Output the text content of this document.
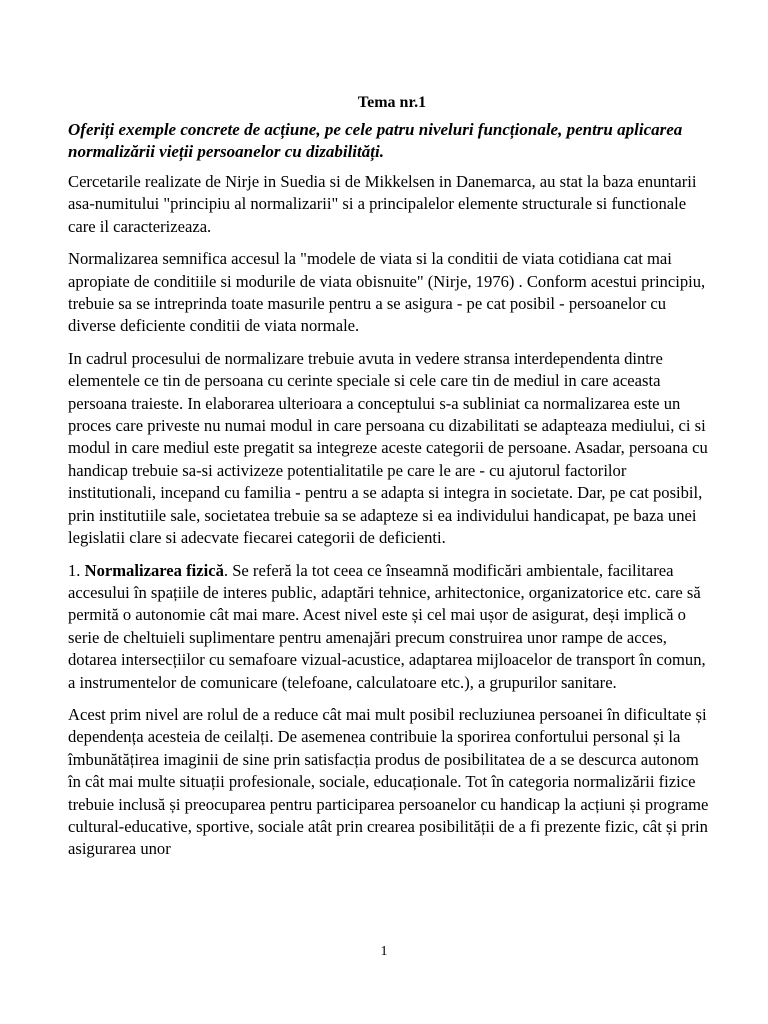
Tema nr.1
Oferiți exemple concrete de acțiune, pe cele patru niveluri funcționale, pentru aplicarea normalizării vieții persoanelor cu dizabilități.

Cercetarile realizate de Nirje in Suedia si de Mikkelsen in Danemarca, au stat la baza enuntarii asa-numitului "principiu al normalizarii" si a principalelor elemente structurale si functionale care il caracterizeaza.

Normalizarea semnifica accesul la "modele de viata si la conditii de viata cotidiana cat mai apropiate de conditiile si modurile de viata obisnuite" (Nirje, 1976) . Conform acestui principiu, trebuie sa se intreprinda toate masurile pentru a se asigura - pe cat posibil - persoanelor cu diverse deficiente conditii de viata normale.

In cadrul procesului de normalizare trebuie avuta in vedere stransa interdependenta dintre elementele ce tin de persoana cu cerinte speciale si cele care tin de mediul in care aceasta persoana traieste. In elaborarea ulterioara a conceptului s-a subliniat ca normalizarea este un proces care priveste nu numai modul in care persoana cu dizabilitati se adapteaza mediului, ci si modul in care mediul este pregatit sa integreze aceste categorii de persoane. Asadar, persoana cu handicap trebuie sa-si activizeze potentialitatile pe care le are - cu ajutorul factorilor institutionali, incepand cu familia - pentru a se adapta si integra in societate. Dar, pe cat posibil, prin institutiile sale, societatea trebuie sa se adapteze si ea individului handicapat, pe baza unei legislatii clare si adecvate fiecarei categorii de deficienti.

1. Normalizarea fizică. Se referă la tot ceea ce înseamnă modificări ambientale, facilitarea accesului în spațiile de interes public, adaptări tehnice, arhitectonice, organizatorice etc. care să permită o autonomie cât mai mare. Acest nivel este și cel mai ușor de asigurat, deși implică o serie de cheltuieli suplimentare pentru amenajări precum construirea unor rampe de acces, dotarea intersecțiilor cu semafoare vizual-acustice, adaptarea mijloacelor de transport în comun, a instrumentelor de comunicare (telefoane, calculatoare etc.), a grupurilor sanitare.

Acest prim nivel are rolul de a reduce cât mai mult posibil recluziunea persoanei în dificultate și dependența acesteia de ceilalți. De asemenea contribuie la sporirea confortului personal și la îmbunătățirea imaginii de sine prin satisfacția produs de posibilitatea de a se descurca autonom în cât mai multe situații profesionale, sociale, educaționale. Tot în categoria normalizării fizice trebuie inclusă și preocuparea pentru participarea persoanelor cu handicap la acțiuni și programe cultural-educative, sportive, sociale atât prin crearea posibilității de a fi prezente fizic, cât și prin asigurarea unor

1
